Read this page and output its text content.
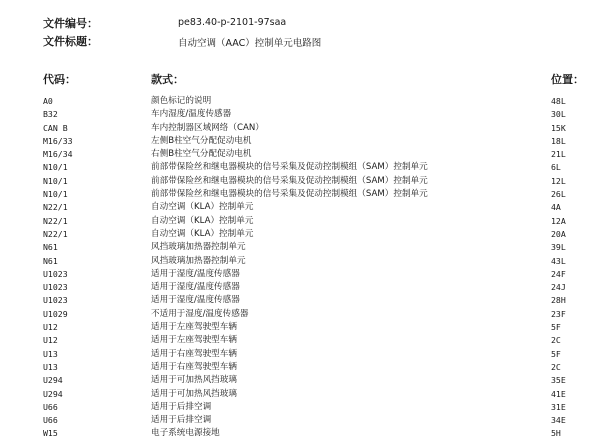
文件编号：	pe83.40-p-2101-97saa
文件标题：	自动空调（AAC）控制单元电路图
代码：	款式：	位置：
A0	颜色标记的说明	48L
B32	车内湿度/温度传感器	30L
CAN B	车内控制器区域网络（CAN）	15K
M16/33	左侧B柱空气分配促动电机	18L
M16/34	右侧B柱空气分配促动电机	21L
N10/1	前部带保险丝和继电器模块的信号采集及促动控制模组（SAM）控制单元	6L
N10/1	前部带保险丝和继电器模块的信号采集及促动控制模组（SAM）控制单元	12L
N10/1	前部带保险丝和继电器模块的信号采集及促动控制模组（SAM）控制单元	26L
N22/1	自动空调（KLA）控制单元	4A
N22/1	自动空调（KLA）控制单元	12A
N22/1	自动空调（KLA）控制单元	20A
N61	风挡玻璃加热器控制单元	39L
N61	风挡玻璃加热器控制单元	43L
U1023	适用于湿度/温度传感器	24F
U1023	适用于湿度/温度传感器	24J
U1023	适用于湿度/温度传感器	28H
U1029	不适用于湿度/温度传感器	23F
U12	适用于左座驾驶型车辆	5F
U12	适用于左座驾驶型车辆	2C
U13	适用于右座驾驶型车辆	5F
U13	适用于右座驾驶型车辆	2C
U294	适用于可加热风挡玻璃	35E
U294	适用于可加热风挡玻璃	41E
U66	适用于后排空调	31E
U66	适用于后排空调	34E
W15	电子系统电源接地	5H
